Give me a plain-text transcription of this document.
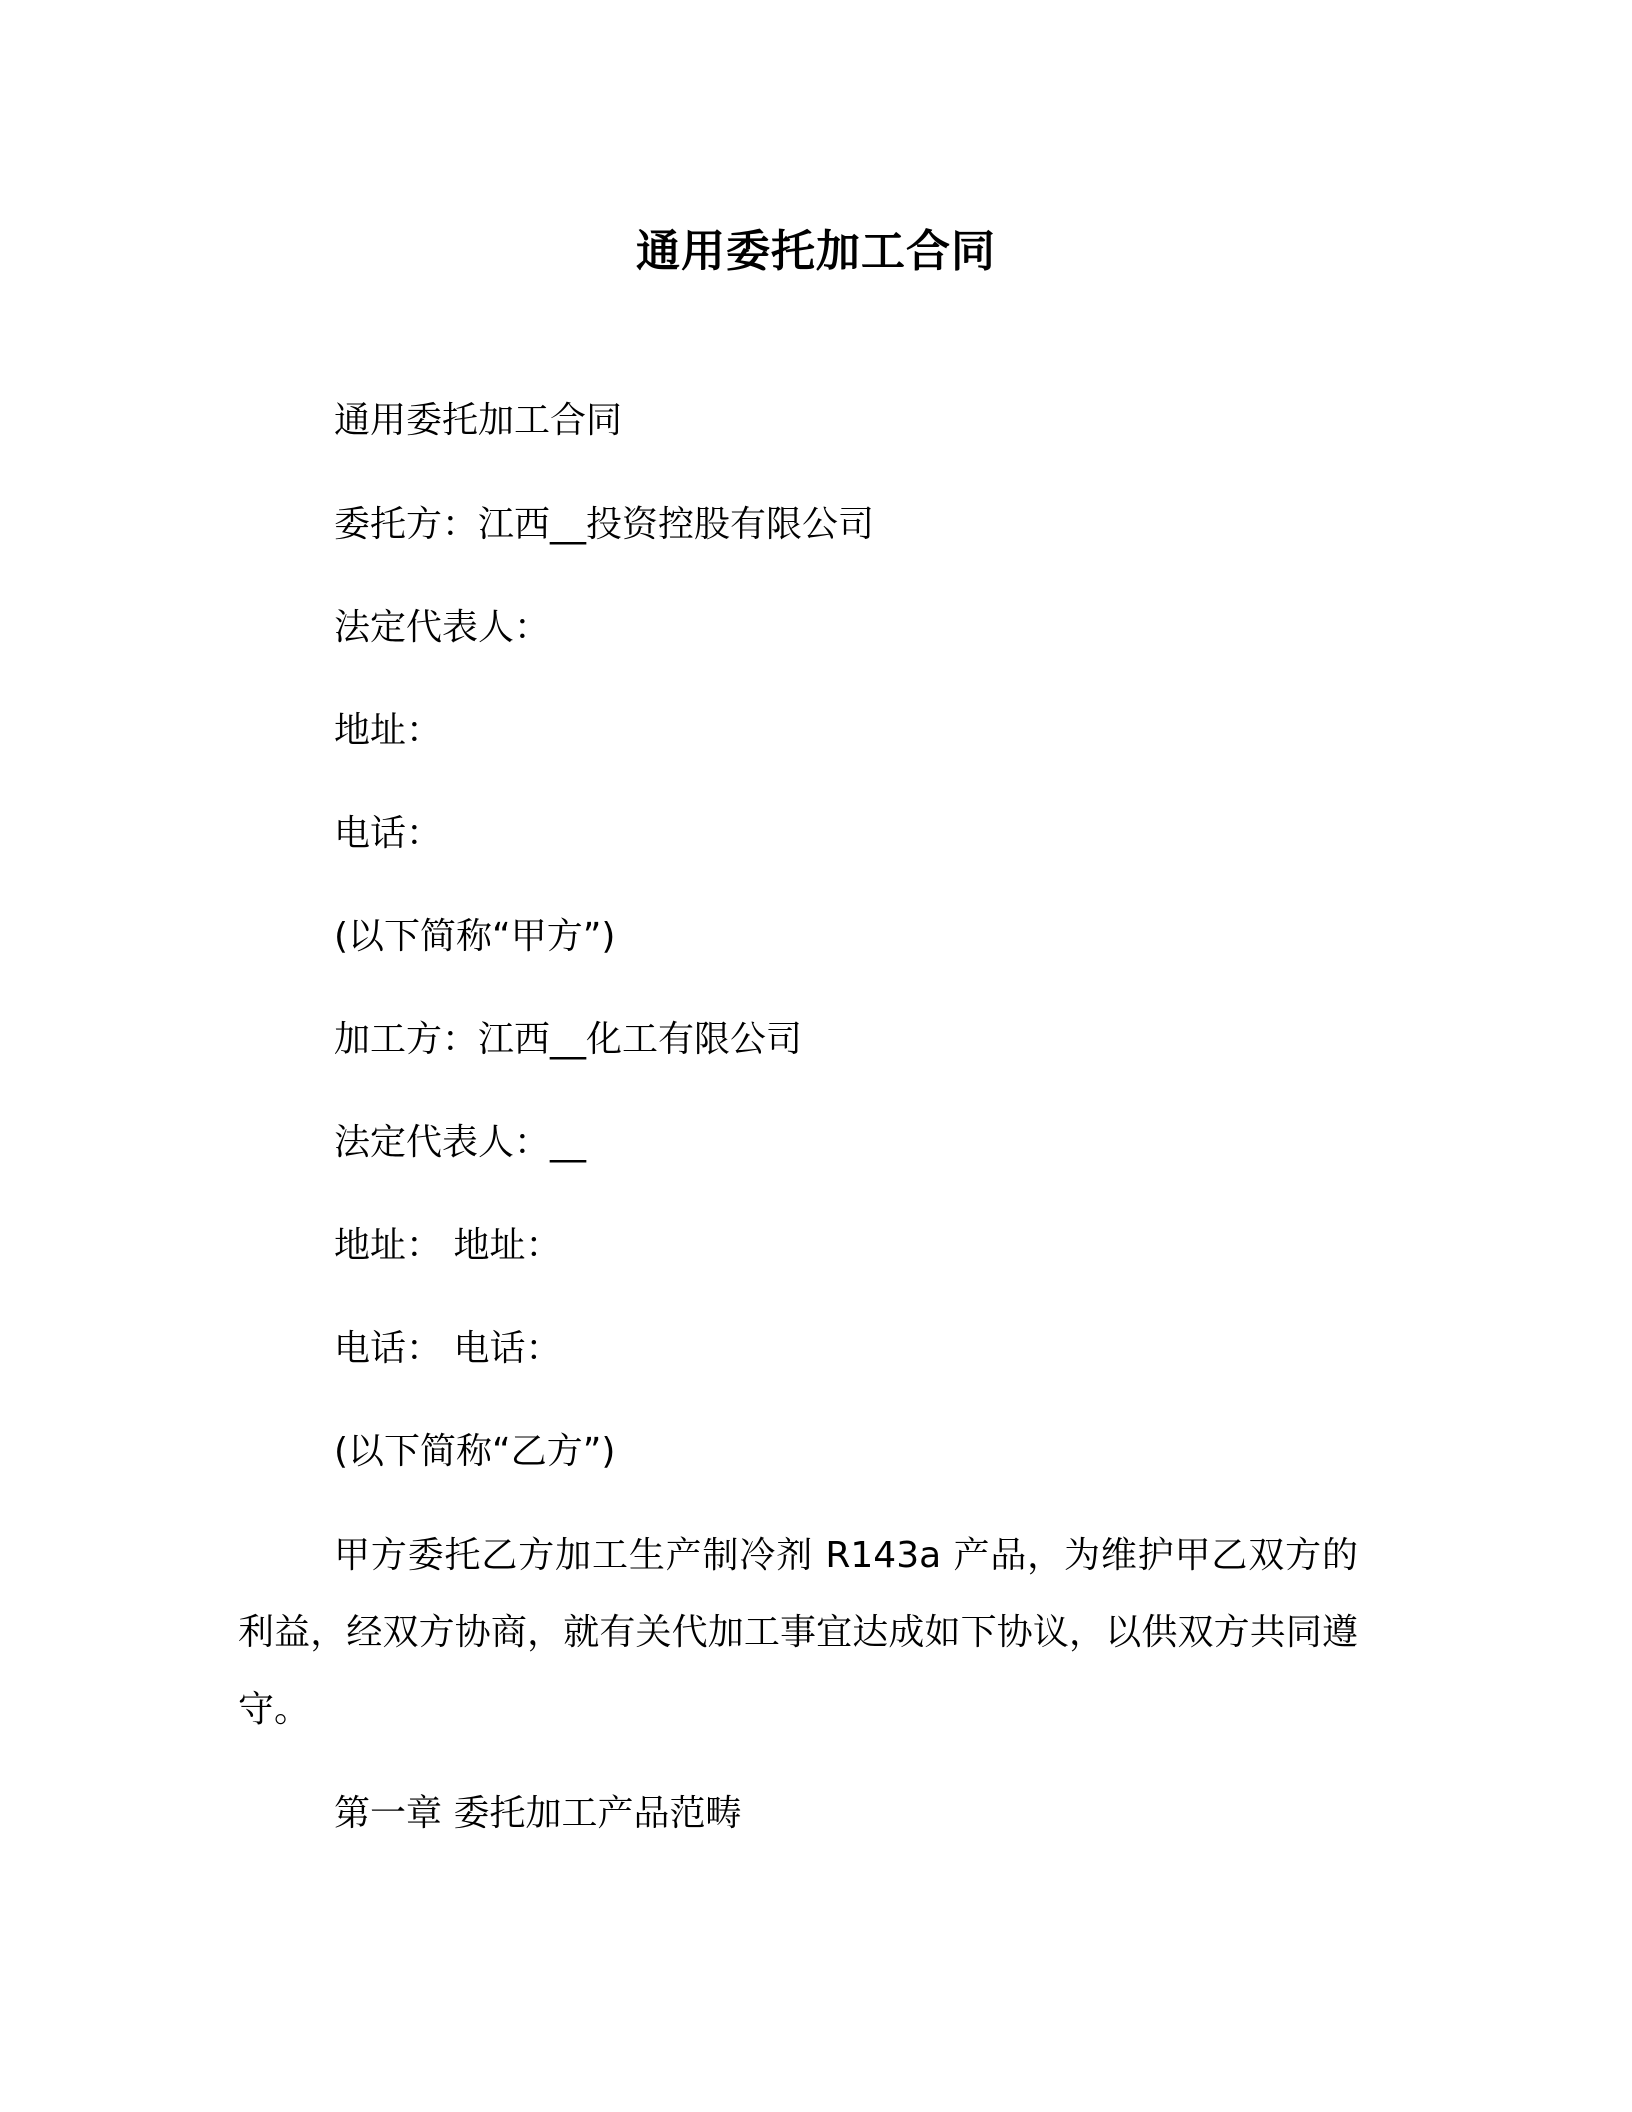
通用委托加工合同
通用委托加工合同
委托方：江西__投资控股有限公司
法定代表人：
地址：
电话：
(以下简称“甲方”)
加工方：江西__化工有限公司
法定代表人：__
地址： 地址：
电话： 电话：
(以下简称“乙方”)
甲方委托乙方加工生产制冷剂 R143a 产品，为维护甲乙双方的利益，经双方协商，就有关代加工事宜达成如下协议，以供双方共同遵守。
第一章 委托加工产品范畴
